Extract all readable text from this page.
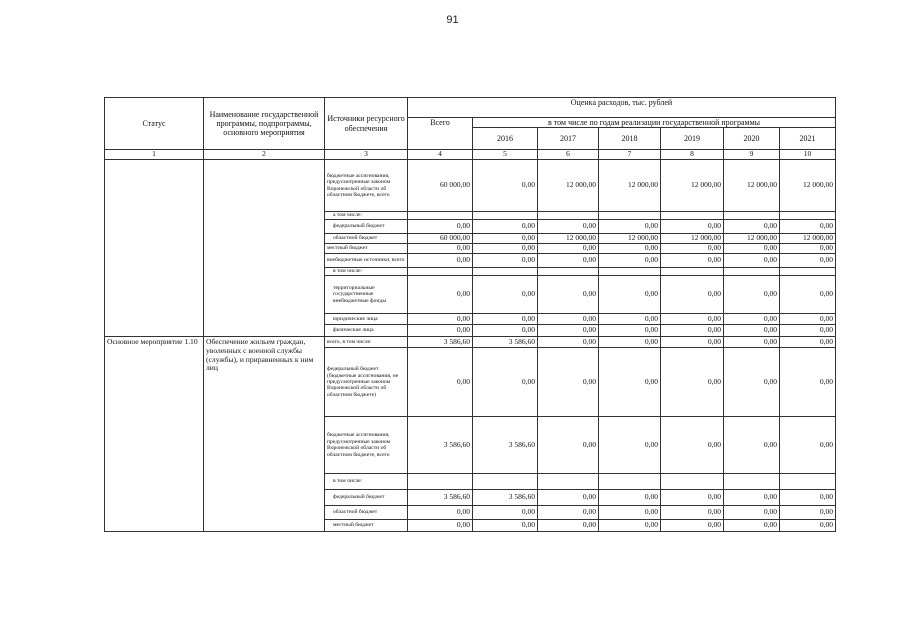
91
Статус	Наименование государственной программы, подпрограммы, основного мероприятия	Источники ресурсного обеспечения	Оценка расходов, тыс. рублей						
			Всего	в том числе по годам реализации государственной программы					
				2016	2017	2018	2019	2020	2021
1	2	3	4	5	6	7	8	9	10
		бюджетные ассигнования, предусмотренные законом Воронежской области об областном бюджете, всего	60 000,00	0,00	12 000,00	12 000,00	12 000,00	12 000,00	12 000,00
		а том числе:							
		федеральный бюджет	0,00	0,00	0,00	0,00	0,00	0,00	0,00
		областной бюджет	60 000,00	0,00	12 000,00	12 000,00	12 000,00	12 000,00	12 000,00
		местный бюджет	0,00	0,00	0,00	0,00	0,00	0,00	0,00
		внебюджетные источники, всего	0,00	0,00	0,00	0,00	0,00	0,00	0,00
		в том числе:							
		территориальные государственные внебюджетные фонды	0,00	0,00	0,00	0,00	0,00	0,00	0,00
		юридические лица	0,00	0,00	0,00	0,00	0,00	0,00	0,00
		физические лица	0,00	0,00	0,00	0,00	0,00	0,00	0,00
Основное мероприятие 1.10	Обеспечение жильем граждан, уволенных с военной службы (службы), и приравненных к ним лиц	всего, в том числе:	3 586,60	3 586,60	0,00	0,00	0,00	0,00	0,00
		федеральный бюджет (бюджетные ассигнования, не предусмотренные законом Воронежской области об областном бюджете)	0,00	0,00	0,00	0,00	0,00	0,00	0,00
		бюджетные ассигнования, предусмотренные законом Воронежской области об областном бюджете, всего	3 586,60	3 586,60	0,00	0,00	0,00	0,00	0,00
		в том числе:							
		федеральный бюджет	3 586,60	3 586,60	0,00	0,00	0,00	0,00	0,00
		областной бюджет	0,00	0,00	0,00	0,00	0,00	0,00	0,00
		местный бюджет	0,00	0,00	0,00	0,00	0,00	0,00	0,00
